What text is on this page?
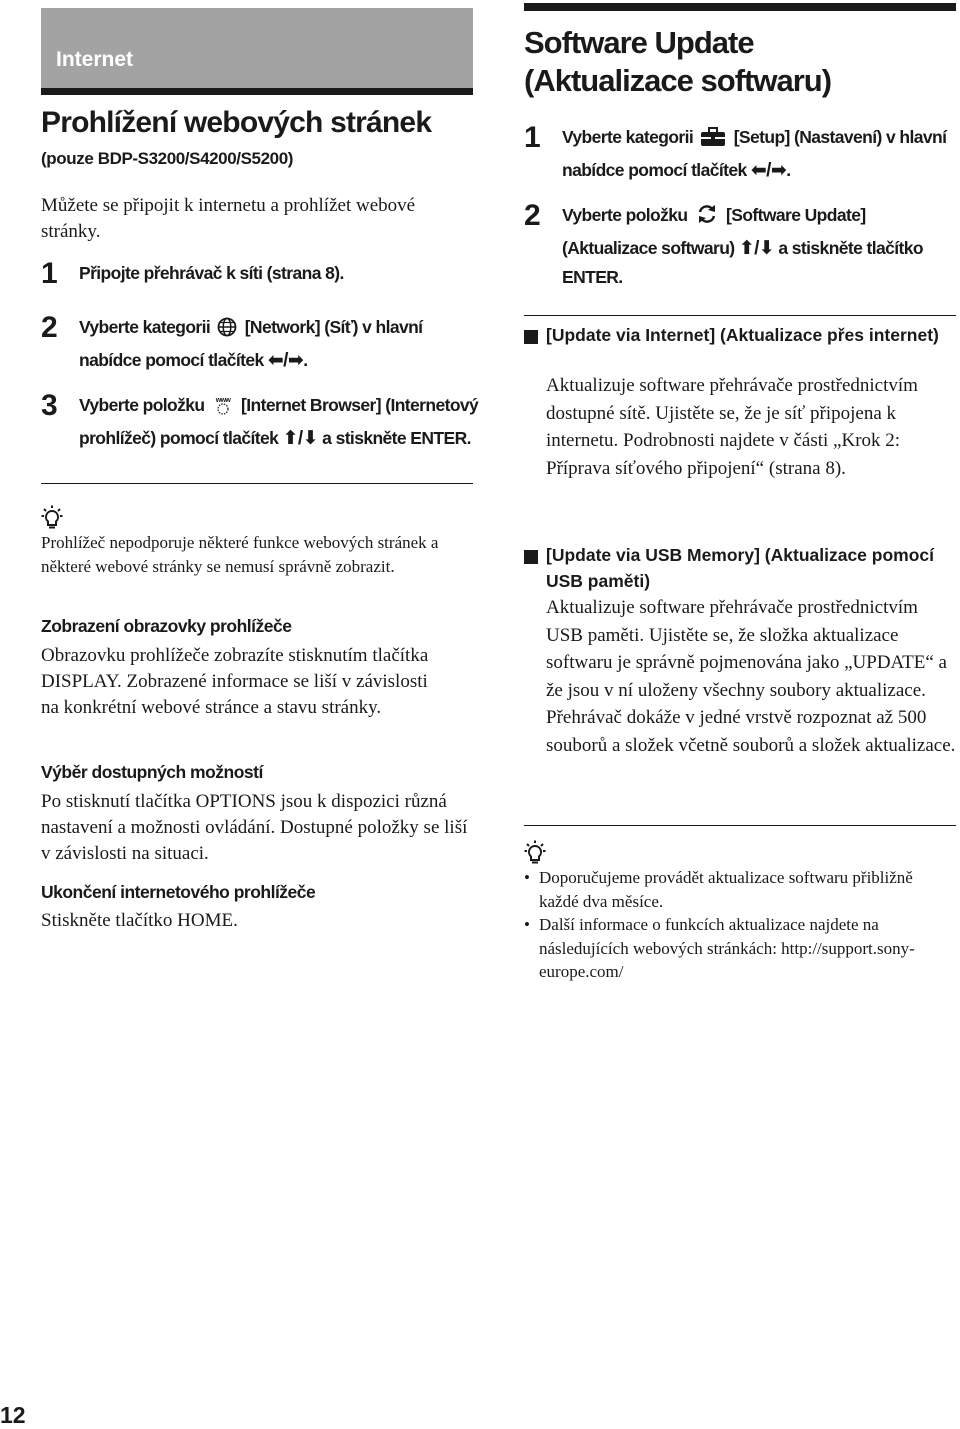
Internet
Prohlížení webových stránek
(pouze BDP-S3200/S4200/S5200)
Můžete se připojit k internetu a prohlížet webové stránky.
1 Připojte přehrávač k síti (strana 8).
2 Vyberte kategorii [Network] (Síť) v hlavní nabídce pomocí tlačítek ⬅/➡.
3 Vyberte položku www [Internet Browser] (Internetový prohlížeč) pomocí tlačítek ⬆/⬇ a stiskněte ENTER.
Prohlížeč nepodporuje některé funkce webových stránek a některé webové stránky se nemusí správně zobrazit.
Zobrazení obrazovky prohlížeče
Obrazovku prohlížeče zobrazíte stisknutím tlačítka DISPLAY. Zobrazené informace se liší v závislosti na konkrétní webové stránce a stavu stránky.
Výběr dostupných možností
Po stisknutí tlačítka OPTIONS jsou k dispozici různá nastavení a možnosti ovládání. Dostupné položky se liší v závislosti na situaci.
Ukončení internetového prohlížeče
Stiskněte tlačítko HOME.
Software Update
(Aktualizace softwaru)
1 Vyberte kategorii [Setup] (Nastavení) v hlavní nabídce pomocí tlačítek ⬅/➡.
2 Vyberte položku [Software Update] (Aktualizace softwaru) ⬆/⬇ a stiskněte tlačítko ENTER.
[Update via Internet] (Aktualizace přes internet)
Aktualizuje software přehrávače prostřednictvím dostupné sítě. Ujistěte se, že je síť připojena k internetu. Podrobnosti najdete v části „Krok 2: Příprava síťového připojení“ (strana 8).
[Update via USB Memory] (Aktualizace pomocí USB paměti)
Aktualizuje software přehrávače prostřednictvím USB paměti. Ujistěte se, že složka aktualizace softwaru je správně pojmenována jako „UPDATE“ a že jsou v ní uloženy všechny soubory aktualizace. Přehrávač dokáže v jedné vrstvě rozpoznat až 500 souborů a složek včetně souborů a složek aktualizace.
• Doporučujeme provádět aktualizace softwaru přibližně každé dva měsíce.
• Další informace o funkcích aktualizace najdete na následujících webových stránkách: http://support.sony-europe.com/
12
